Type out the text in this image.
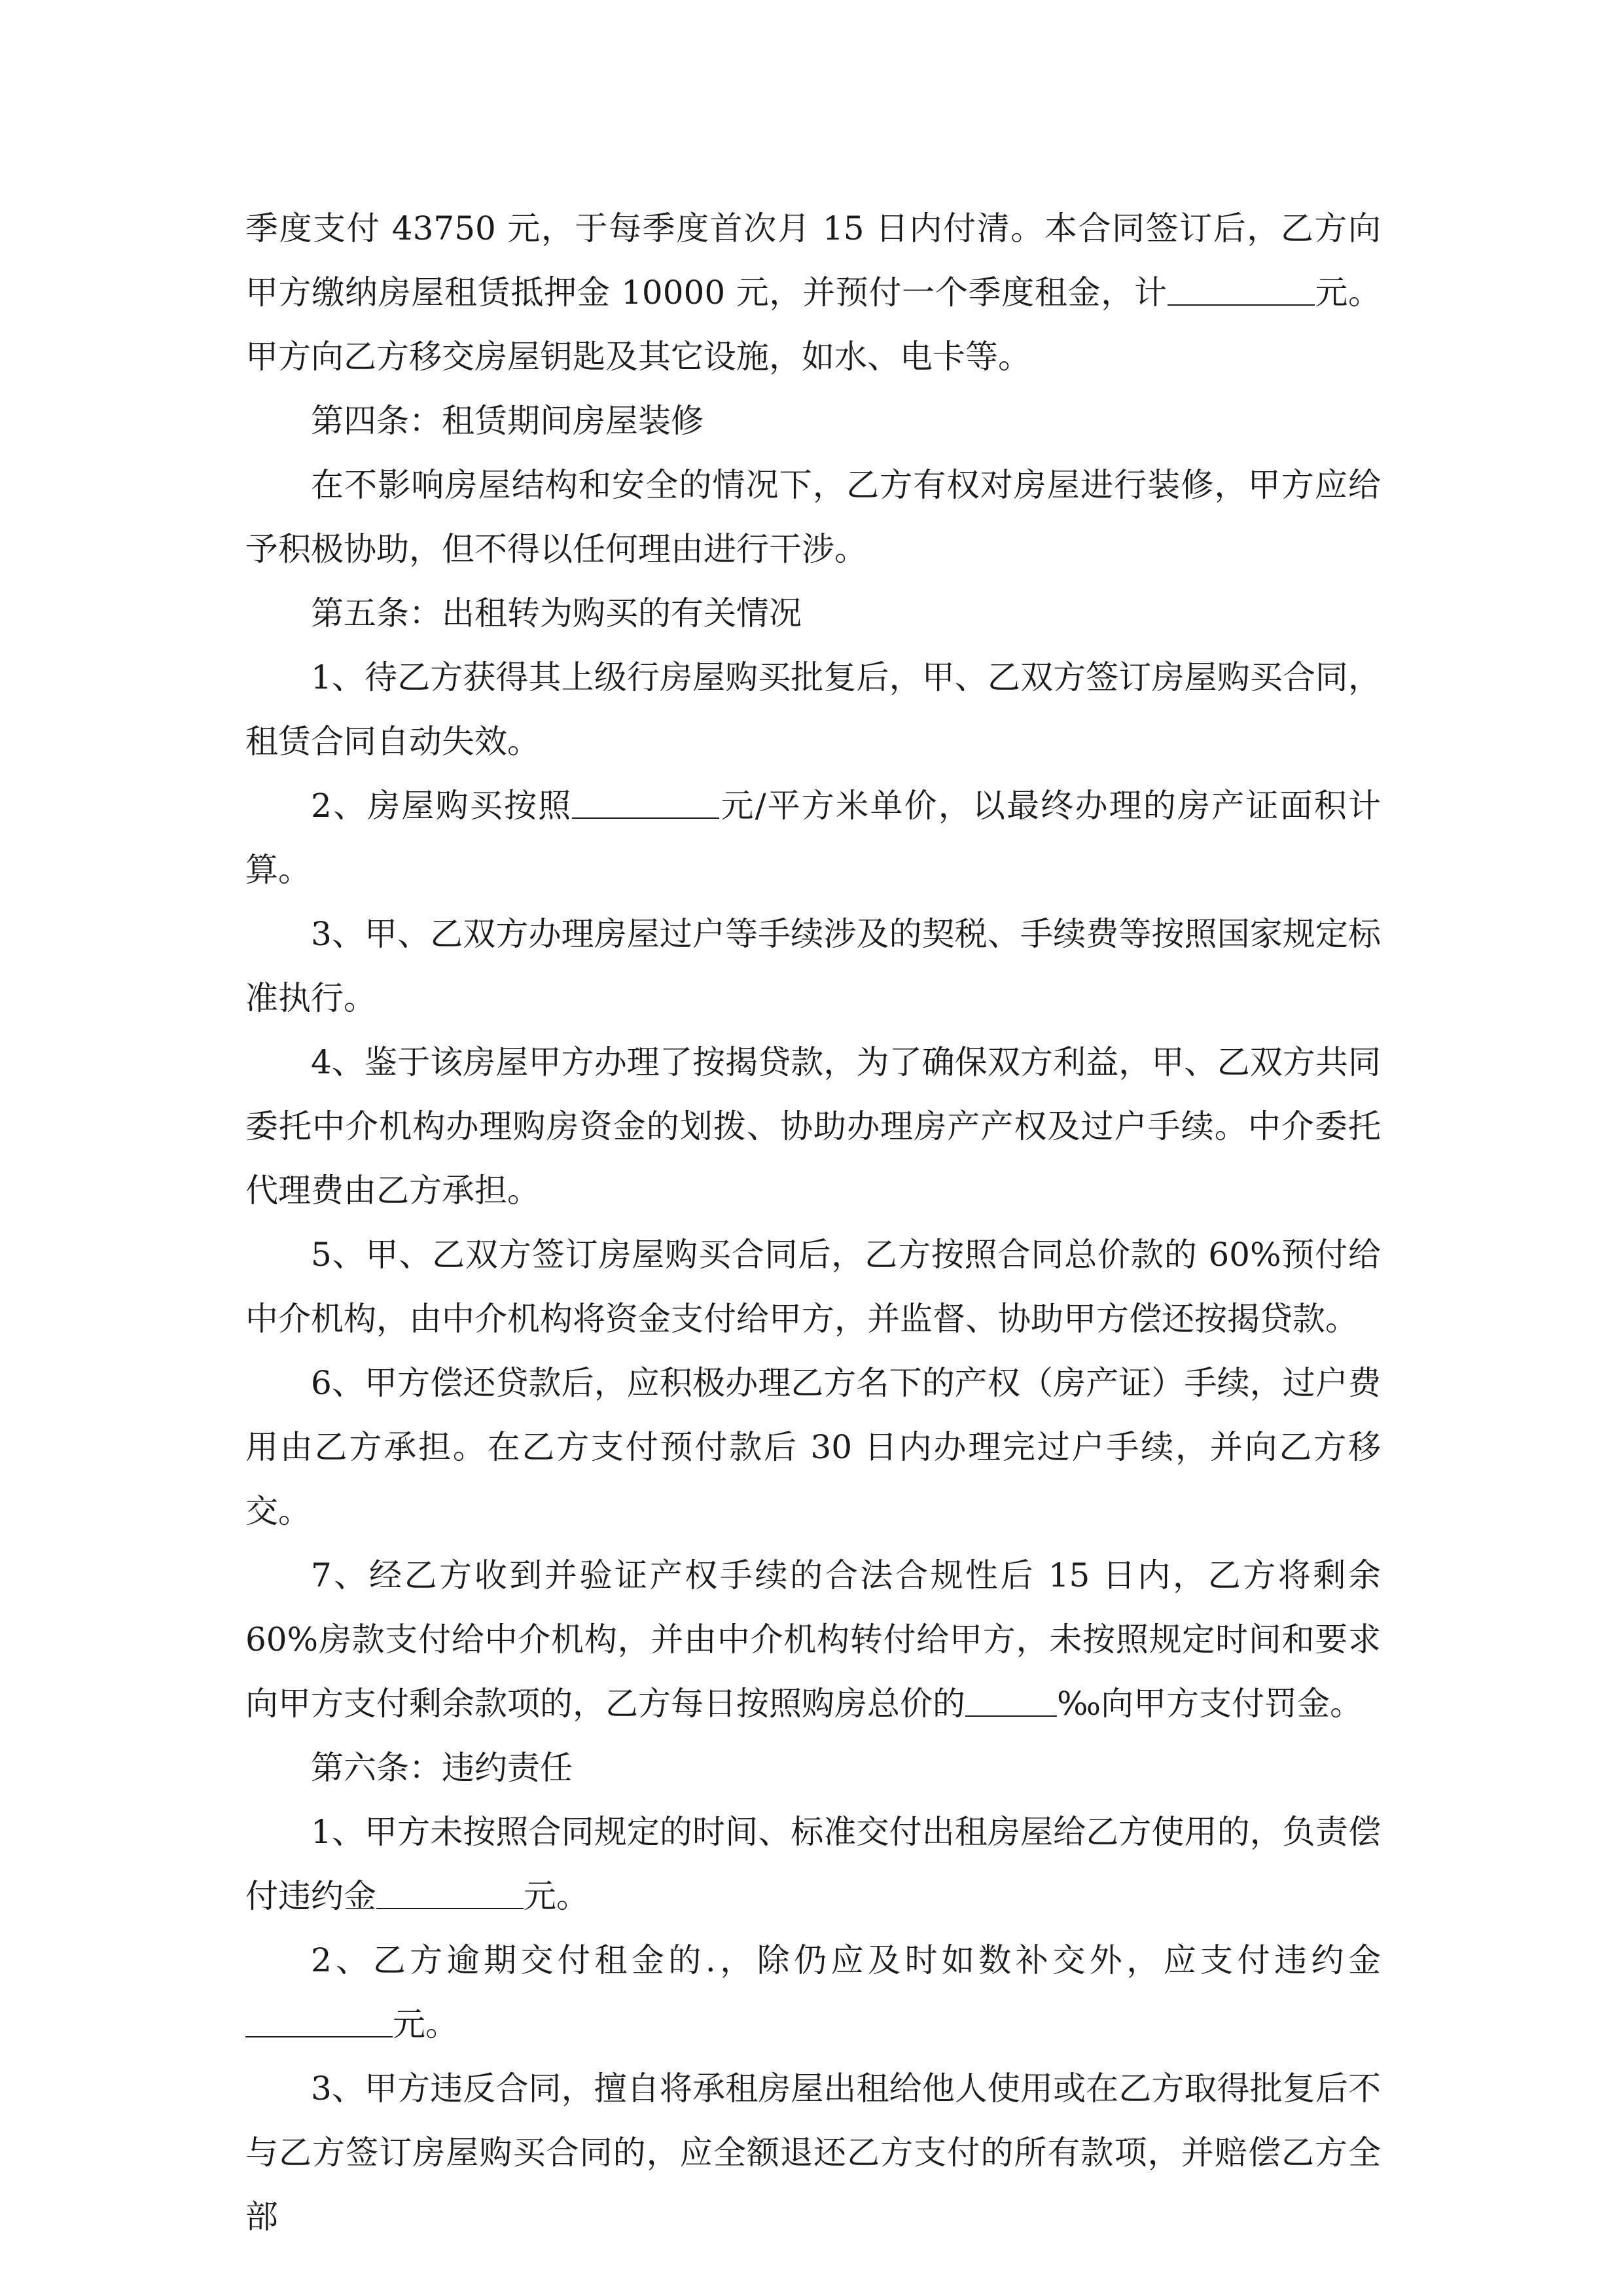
季度支付 43750 元，于每季度首次月 15 日内付清。本合同签订后，乙方向甲方缴纳房屋租赁抵押金 10000 元，并预付一个季度租金，计	元。甲方向乙方移交房屋钥匙及其它设施，如水、电卡等。

第四条：租赁期间房屋装修

在不影响房屋结构和安全的情况下，乙方有权对房屋进行装修，甲方应给予积极协助，但不得以任何理由进行干涉。

第五条：出租转为购买的有关情况

1、待乙方获得其上级行房屋购买批复后，甲、乙双方签订房屋购买合同，租赁合同自动失效。

2、房屋购买按照	元/平方米单价，以最终办理的房产证面积计算。

3、甲、乙双方办理房屋过户等手续涉及的契税、手续费等按照国家规定标准执行。

4、鉴于该房屋甲方办理了按揭贷款，为了确保双方利益，甲、乙双方共同委托中介机构办理购房资金的划拨、协助办理房产产权及过户手续。中介委托代理费由乙方承担。

5、甲、乙双方签订房屋购买合同后，乙方按照合同总价款的 60%预付给中介机构，由中介机构将资金支付给甲方，并监督、协助甲方偿还按揭贷款。

6、甲方偿还贷款后，应积极办理乙方名下的产权（房产证）手续，过户费用由乙方承担。在乙方支付预付款后 30 日内办理完过户手续，并向乙方移交。

7、经乙方收到并验证产权手续的合法合规性后 15 日内，乙方将剩余 60%房款支付给中介机构，并由中介机构转付给甲方，未按照规定时间和要求向甲方支付剩余款项的，乙方每日按照购房总价的	‰向甲方支付罚金。

第六条：违约责任

1、甲方未按照合同规定的时间、标准交付出租房屋给乙方使用的，负责偿付违约金	元。

2、乙方逾期交付租金的.，除仍应及时如数补交外，应支付违约金元。

3、甲方违反合同，擅自将承租房屋出租给他人使用或在乙方取得批复后不与乙方签订房屋购买合同的，应全额退还乙方支付的所有款项，并赔偿乙方全部
